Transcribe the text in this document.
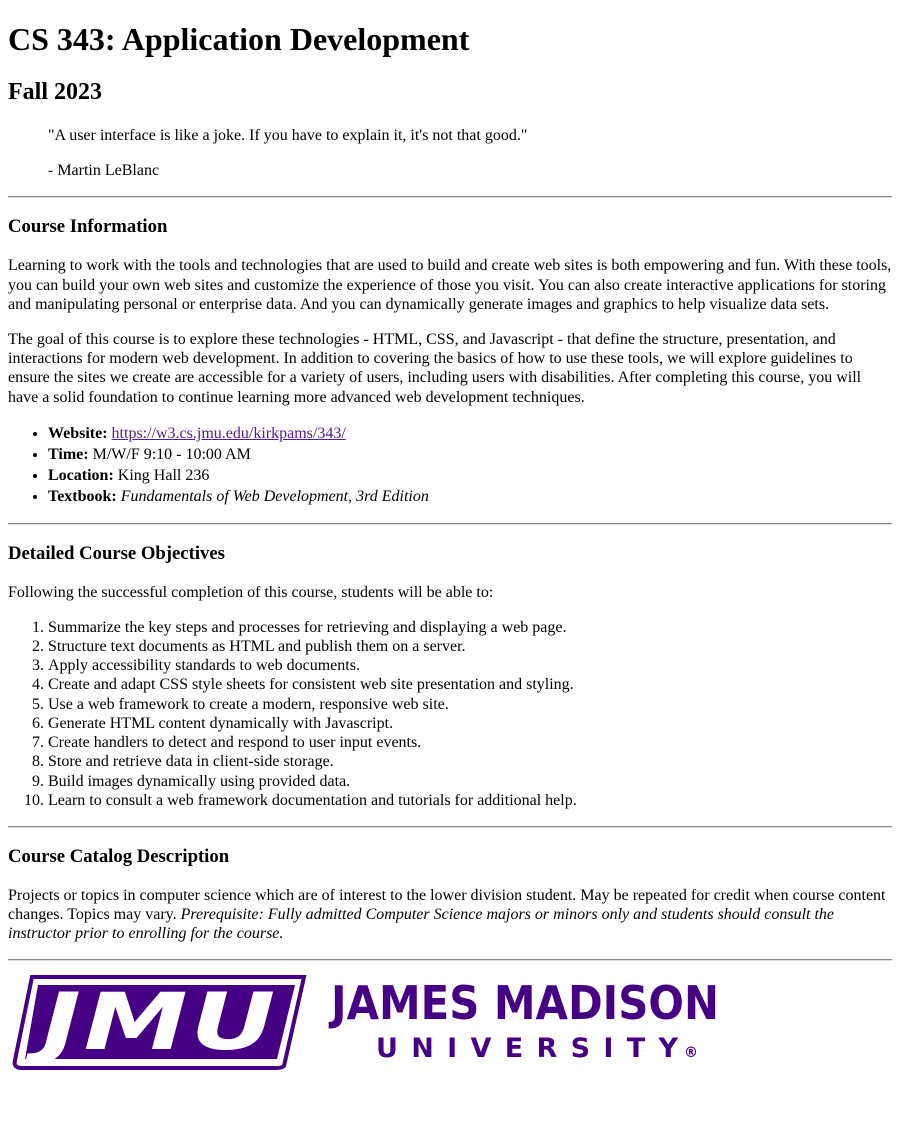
CS 343: Application Development
Fall 2023

"A user interface is like a joke. If you have to explain it, it's not that good."

- Martin LeBlanc

Course Information

Learning to work with the tools and technologies that are used to build and create web sites is both empowering and fun. With these tools, you can build your own web sites and customize the experience of those you visit. You can also create interactive applications for storing and manipulating personal or enterprise data. And you can dynamically generate images and graphics to help visualize data sets.

The goal of this course is to explore these technologies - HTML, CSS, and Javascript - that define the structure, presentation, and interactions for modern web development. In addition to covering the basics of how to use these tools, we will explore guidelines to ensure the sites we create are accessible for a variety of users, including users with disabilities. After completing this course, you will have a solid foundation to continue learning more advanced web development techniques.

• Website: https://w3.cs.jmu.edu/kirkpams/343/
• Time: M/W/F 9:10 - 10:00 AM
• Location: King Hall 236
• Textbook: Fundamentals of Web Development, 3rd Edition
Detailed Course Objectives

Following the successful completion of this course, students will be able to:

1. Summarize the key steps and processes for retrieving and displaying a web page.
2. Structure text documents as HTML and publish them on a server.
3. Apply accessibility standards to web documents.
4. Create and adapt CSS style sheets for consistent web site presentation and styling.
5. Use a web framework to create a modern, responsive web site.
6. Generate HTML content dynamically with Javascript.
7. Create handlers to detect and respond to user input events.
8. Store and retrieve data in client-side storage.
9. Build images dynamically using provided data.
10. Learn to consult a web framework documentation and tutorials for additional help.
Course Catalog Description

Projects or topics in computer science which are of interest to the lower division student. May be repeated for credit when course content changes. Topics may vary. Prerequisite: Fully admitted Computer Science majors or minors only and students should consult the instructor prior to enrolling for the course.

JMU JAMES MADISON
UNIVERSITY ®
